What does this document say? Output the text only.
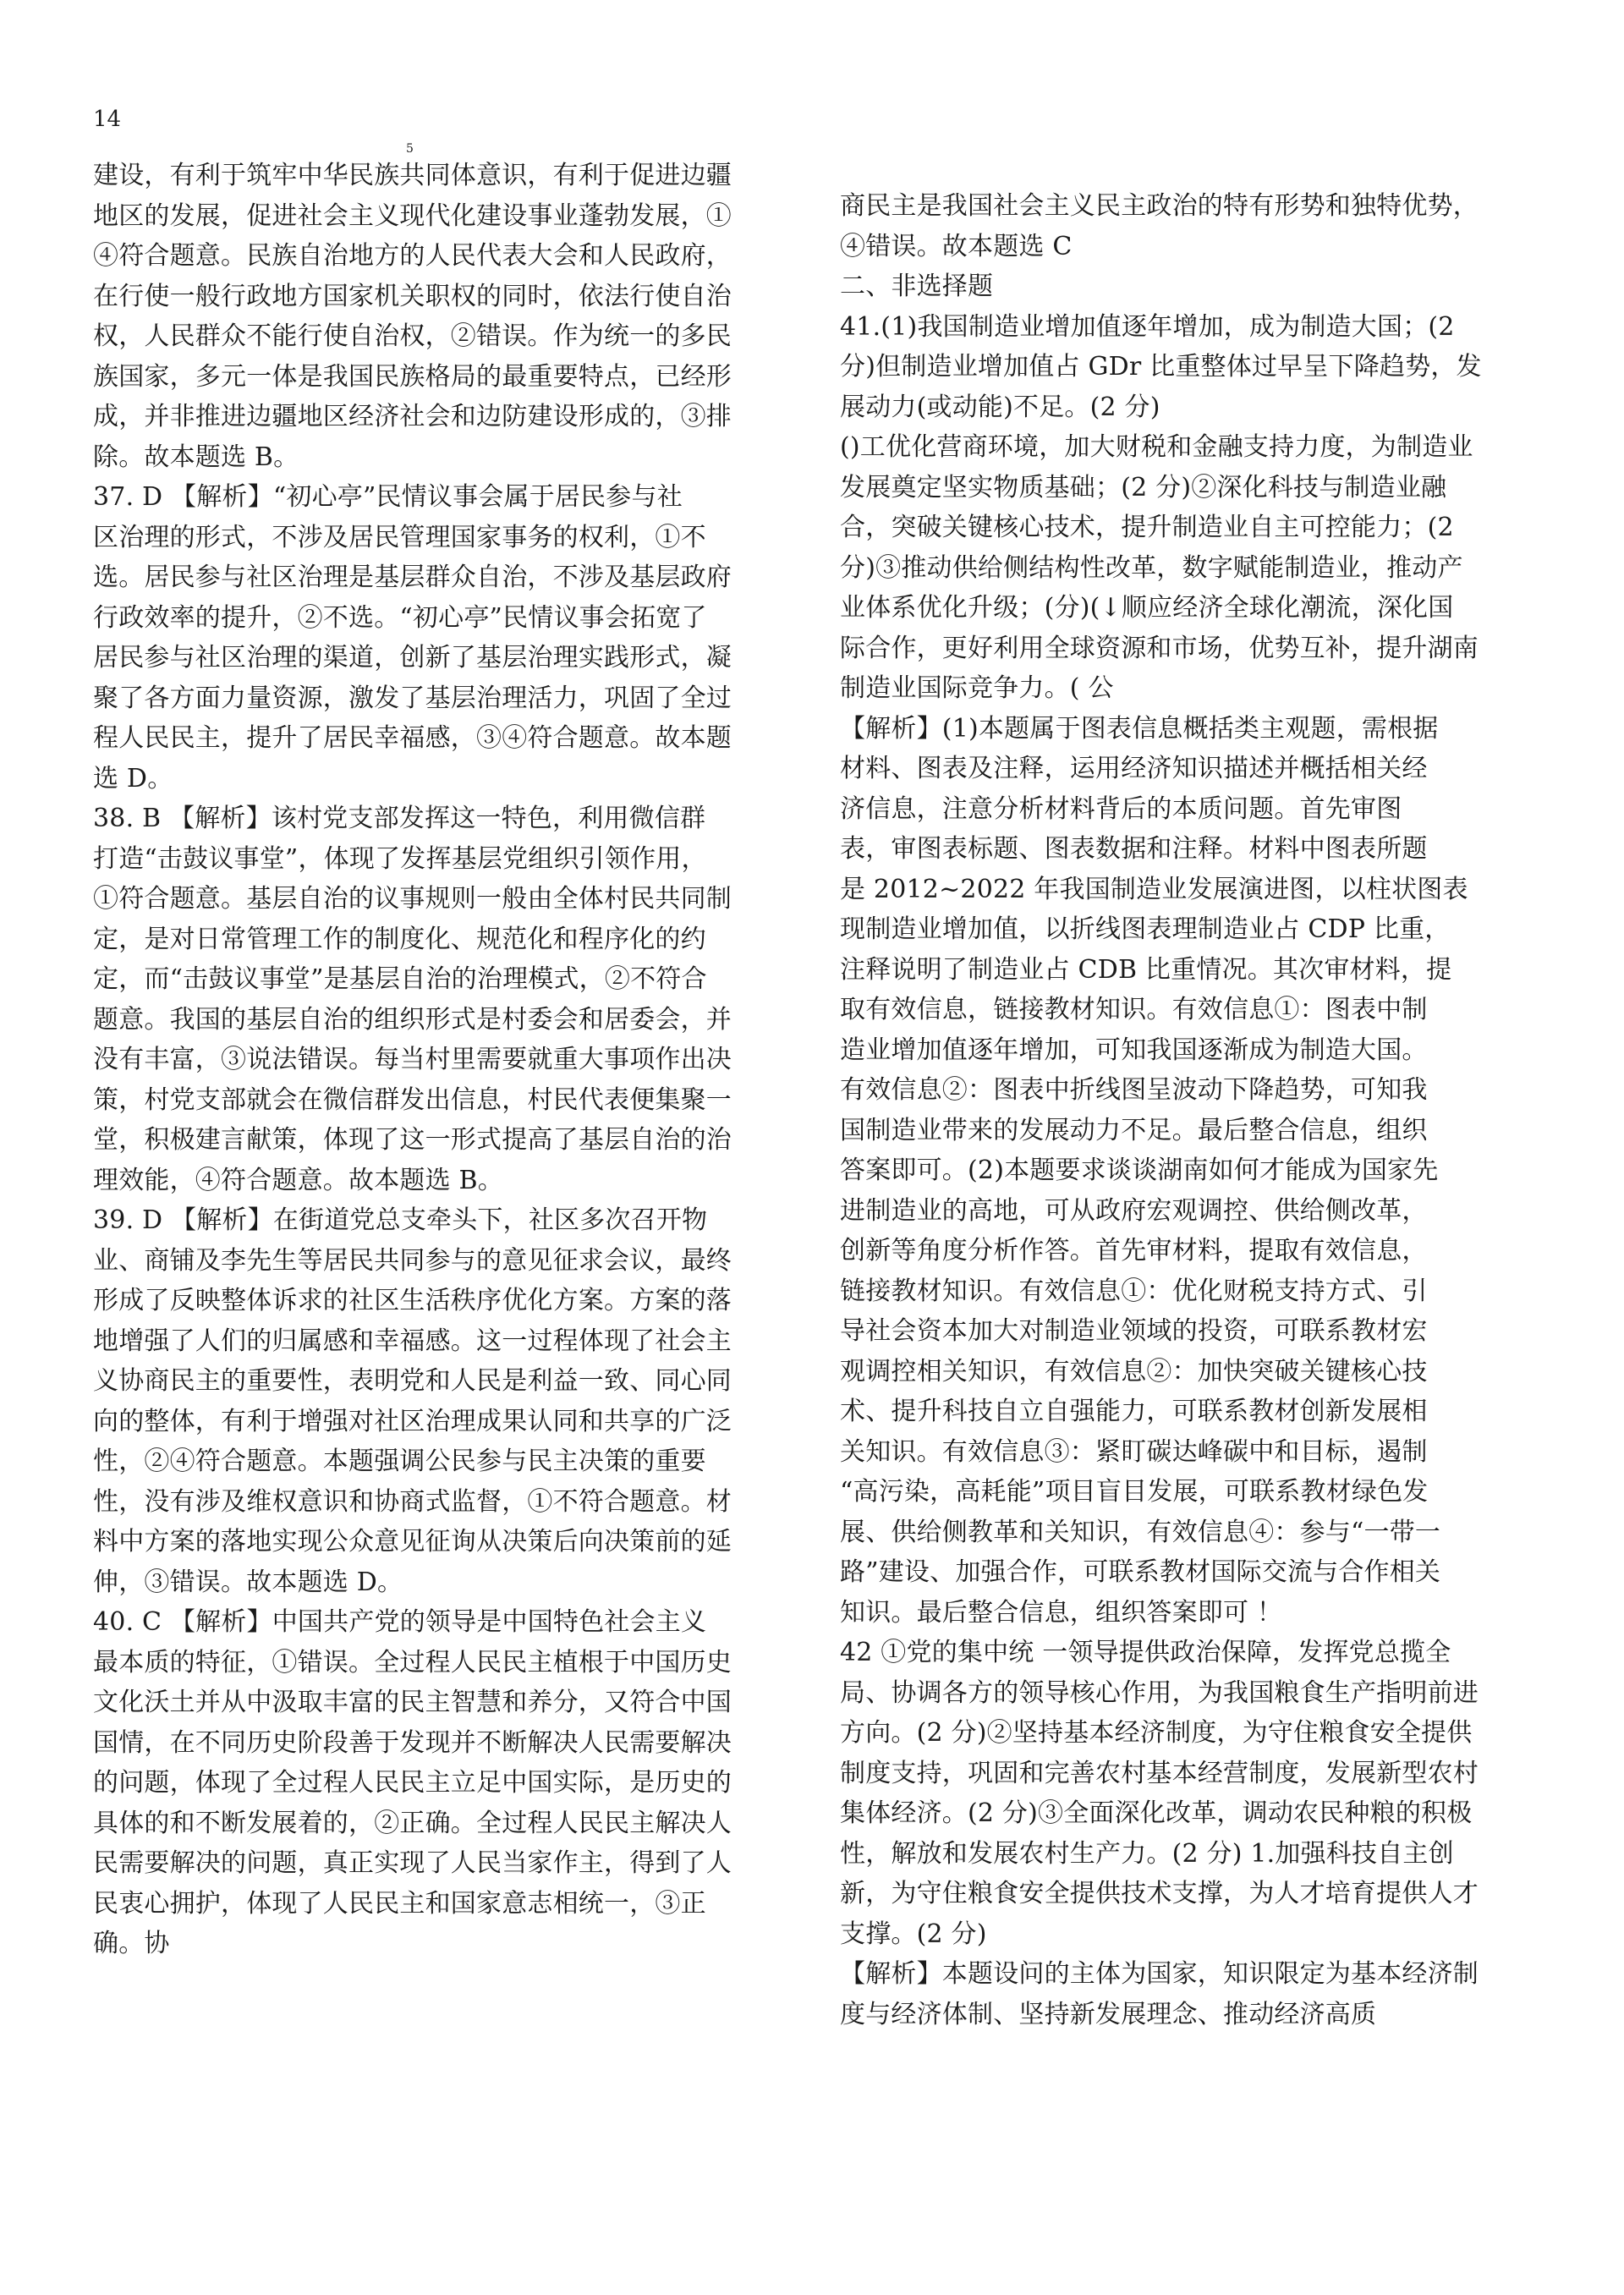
14
5
建设，有利于筑牢中华民族共同体意识，有利于促进边疆
地区的发展，促进社会主义现代化建设事业蓬勃发展，①
④符合题意。民族自治地方的人民代表大会和人民政府，
在行使一般行政地方国家机关职权的同时，依法行使自治
权，人民群众不能行使自治权，②错误。作为统一的多民
族国家，多元一体是我国民族格局的最重要特点，已经形
成，并非推进边疆地区经济社会和边防建设形成的，③排
除。故本题选 B。
37. D 【解析】“初心亭”民情议事会属于居民参与社
区治理的形式，不涉及居民管理国家事务的权利，①不
选。居民参与社区治理是基层群众自治，不涉及基层政府
行政效率的提升，②不选。“初心亭”民情议事会拓宽了
居民参与社区治理的渠道，创新了基层治理实践形式，凝
聚了各方面力量资源，激发了基层治理活力，巩固了全过
程人民民主，提升了居民幸福感，③④符合题意。故本题
选 D。
38. B 【解析】该村党支部发挥这一特色，利用微信群
打造“击鼓议事堂”，体现了发挥基层党组织引领作用，
①符合题意。基层自治的议事规则一般由全体村民共同制
定，是对日常管理工作的制度化、规范化和程序化的约
定，而“击鼓议事堂”是基层自治的治理模式，②不符合
题意。我国的基层自治的组织形式是村委会和居委会，并
没有丰富，③说法错误。每当村里需要就重大事项作出决
策，村党支部就会在微信群发出信息，村民代表便集聚一
堂，积极建言献策，体现了这一形式提高了基层自治的治
理效能，④符合题意。故本题选 B。
39. D 【解析】在街道党总支牵头下，社区多次召开物
业、商铺及李先生等居民共同参与的意见征求会议，最终
形成了反映整体诉求的社区生活秩序优化方案。方案的落
地增强了人们的归属感和幸福感。这一过程体现了社会主
义协商民主的重要性，表明党和人民是利益一致、同心同
向的整体，有利于增强对社区治理成果认同和共享的广泛
性，②④符合题意。本题强调公民参与民主决策的重要
性，没有涉及维权意识和协商式监督，①不符合题意。材
料中方案的落地实现公众意见征询从决策后向决策前的延
伸，③错误。故本题选 D。
40. C 【解析】中国共产党的领导是中国特色社会主义
最本质的特征，①错误。全过程人民民主植根于中国历史
文化沃土并从中汲取丰富的民主智慧和养分，又符合中国
国情，在不同历史阶段善于发现并不断解决人民需要解决
的问题，体现了全过程人民民主立足中国实际，是历史的
具体的和不断发展着的，②正确。全过程人民民主解决人
民需要解决的问题，真正实现了人民当家作主，得到了人
民衷心拥护，体现了人民民主和国家意志相统一，③正
确。协
商民主是我国社会主义民主政治的特有形势和独特优势，
④错误。故本题选 C
二、非选择题
41.(1)我国制造业增加值逐年增加，成为制造大国；(2
分)但制造业增加值占 GDr 比重整体过早呈下降趋势，发
展动力(或动能)不足。(2 分)
()工优化营商环境，加大财税和金融支持力度，为制造业
发展奠定坚实物质基础；(2 分)②深化科技与制造业融
合，突破关键核心技术，提升制造业自主可控能力；(2
分)③推动供给侧结构性改革，数字赋能制造业，推动产
业体系优化升级；(分)(↓顺应经济全球化潮流，深化国
际合作，更好利用全球资源和市场，优势互补，提升湖南
制造业国际竞争力。( 公
【解析】(1)本题属于图表信息概括类主观题，需根据
材料、图表及注释，运用经济知识描述并概括相关经
济信息，注意分析材料背后的本质问题。首先审图
表，审图表标题、图表数据和注释。材料中图表所题
是 2012~2022 年我国制造业发展演进图，以柱状图表
现制造业增加值，以折线图表理制造业占 CDP 比重，
注释说明了制造业占 CDB 比重情况。其次审材料，提
取有效信息，链接教材知识。有效信息①：图表中制
造业增加值逐年增加，可知我国逐渐成为制造大国。
有效信息②：图表中折线图呈波动下降趋势，可知我
国制造业带来的发展动力不足。最后整合信息，组织
答案即可。(2)本题要求谈谈湖南如何才能成为国家先
进制造业的高地，可从政府宏观调控、供给侧改革，
创新等角度分析作答。首先审材料，提取有效信息，
链接教材知识。有效信息①：优化财税支持方式、引
导社会资本加大对制造业领域的投资，可联系教材宏
观调控相关知识，有效信息②：加快突破关键核心技
术、提升科技自立自强能力，可联系教材创新发展相
关知识。有效信息③：紧盯碳达峰碳中和目标，遏制
“高污染，高耗能”项目盲目发展，可联系教材绿色发
展、供给侧教革和关知识，有效信息④：参与“一带一
路”建设、加强合作，可联系教材国际交流与合作相关
知识。最后整合信息，组织答案即可 ！
42 ①党的集中统 一领导提供政治保障，发挥党总揽全
局、协调各方的领导核心作用，为我国粮食生产指明前进
方向。(2 分)②坚持基本经济制度，为守住粮食安全提供
制度支持，巩固和完善农村基本经营制度，发展新型农村
集体经济。(2 分)③全面深化改革，调动农民种粮的积极
性，解放和发展农村生产力。(2 分) 1.加强科技自主创
新，为守住粮食安全提供技术支撑，为人才培育提供人才
支撑。(2 分)
【解析】本题设问的主体为国家，知识限定为基本经济制
度与经济体制、坚持新发展理念、推动经济高质
